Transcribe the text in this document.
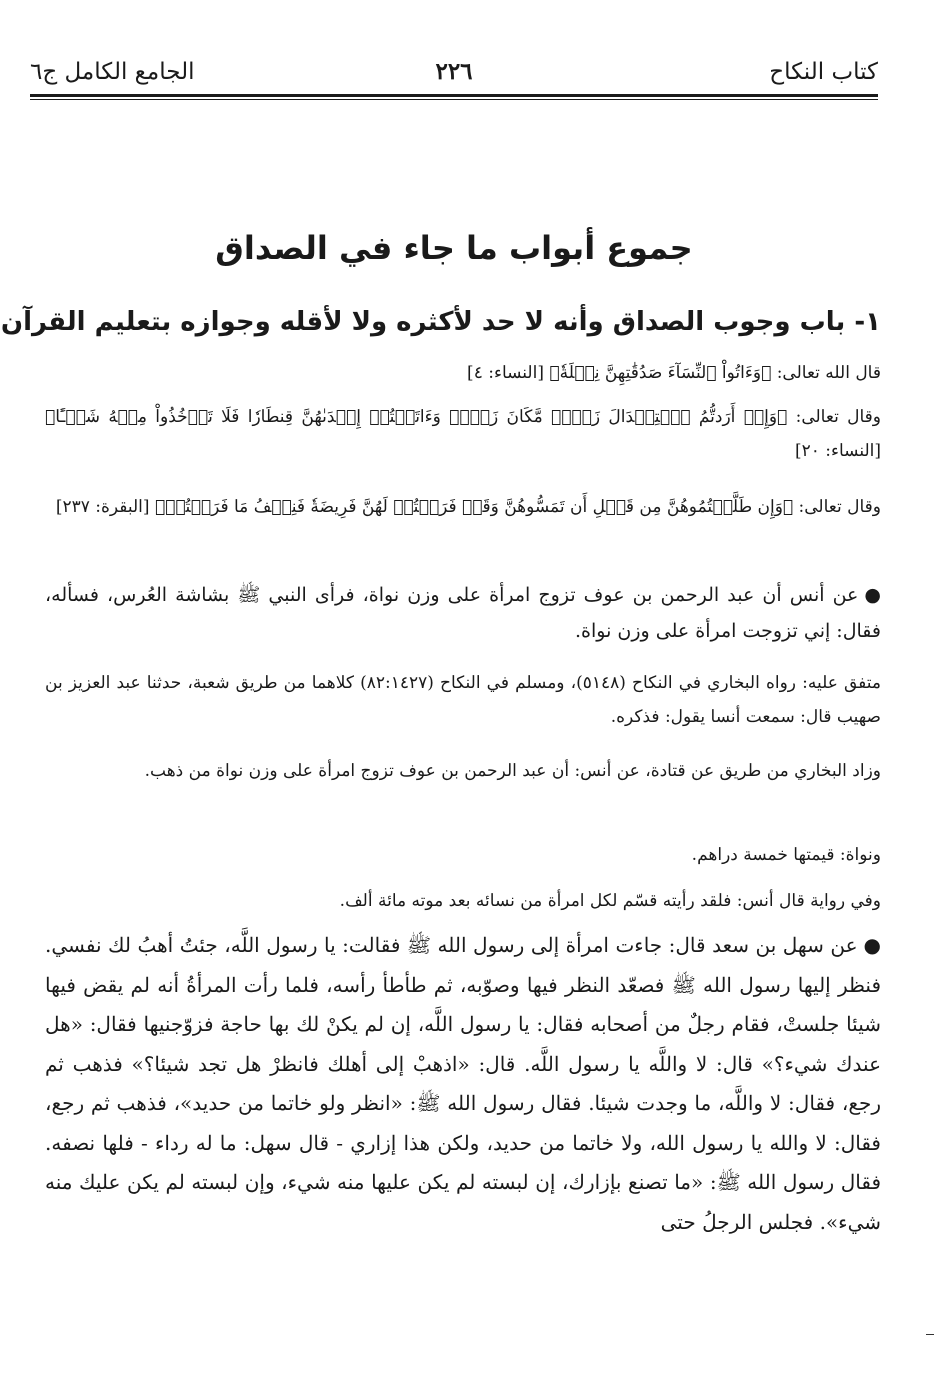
كتاب النكاح
٢٢٦
الجامع الكامل ج٦
جموع أبواب ما جاء في الصداق
١- باب وجوب الصداق وأنه لا حد لأكثره ولا لأقله وجوازه بتعليم القرآن
قال الله تعالى: ﴿وَءَاتُواْ ٱلنِّسَآءَ صَدُقَٰتِهِنَّ نِحۡلَةٗ﴾ [النساء: ٤]
وقال تعالى: ﴿وَإِنۡ أَرَدتُّمُ ٱسۡتِبۡدَالَ زَوۡجٖ مَّكَانَ زَوۡجٖ وَءَاتَيۡتُمۡ إِحۡدَىٰهُنَّ قِنطَارٗا فَلَا تَأۡخُذُواْ مِنۡهُ شَيۡـًٔا﴾ [النساء: ٢٠]
وقال تعالى: ﴿وَإِن طَلَّقۡتُمُوهُنَّ مِن قَبۡلِ أَن تَمَسُّوهُنَّ وَقَدۡ فَرَضۡتُمۡ لَهُنَّ فَرِيضَةٗ فَنِصۡفُ مَا فَرَضۡتُمۡ﴾ [البقرة: ٢٣٧]
●عن أنس أن عبد الرحمن بن عوف تزوج امرأة على وزن نواة، فرأى النبي ﷺ بشاشة العُرس، فسأله، فقال: إني تزوجت امرأة على وزن نواة.
متفق عليه: رواه البخاري في النكاح (٥١٤٨)، ومسلم في النكاح (٨٢:١٤٢٧) كلاهما من طريق شعبة، حدثنا عبد العزيز بن صهيب قال: سمعت أنسا يقول: فذكره.
وزاد البخاري من طريق عن قتادة، عن أنس: أن عبد الرحمن بن عوف تزوج امرأة على وزن نواة من ذهب.
ونواة: قيمتها خمسة دراهم.
وفي رواية قال أنس: فلقد رأيته قسّم لكل امرأة من نسائه بعد موته مائة ألف.
●عن سهل بن سعد قال: جاءت امرأة إلى رسول الله ﷺ فقالت: يا رسول اللَّه، جئتُ أهبُ لك نفسي. فنظر إليها رسول الله ﷺ فصعّد النظر فيها وصوّبه، ثم طأطأ رأسه، فلما رأت المرأةُ أنه لم يقض فيها شيئا جلستْ، فقام رجلٌ من أصحابه فقال: يا رسول اللَّه، إن لم يكنْ لك بها حاجة فزوّجنيها فقال: «هل عندك شيء؟» قال: لا واللَّه يا رسول اللَّه. قال: «اذهبْ إلى أهلك فانظرْ هل تجد شيئا؟» فذهب ثم رجع، فقال: لا واللَّه، ما وجدت شيئا. فقال رسول الله ﷺ: «انظر ولو خاتما من حديد»، فذهب ثم رجع، فقال: لا والله يا رسول الله، ولا خاتما من حديد، ولكن هذا إزاري - قال سهل: ما له رداء - فلها نصفه. فقال رسول الله ﷺ: «ما تصنع بإزارك، إن لبسته لم يكن عليها منه شيء، وإن لبسته لم يكن عليك منه شيء». فجلس الرجلُ حتى
